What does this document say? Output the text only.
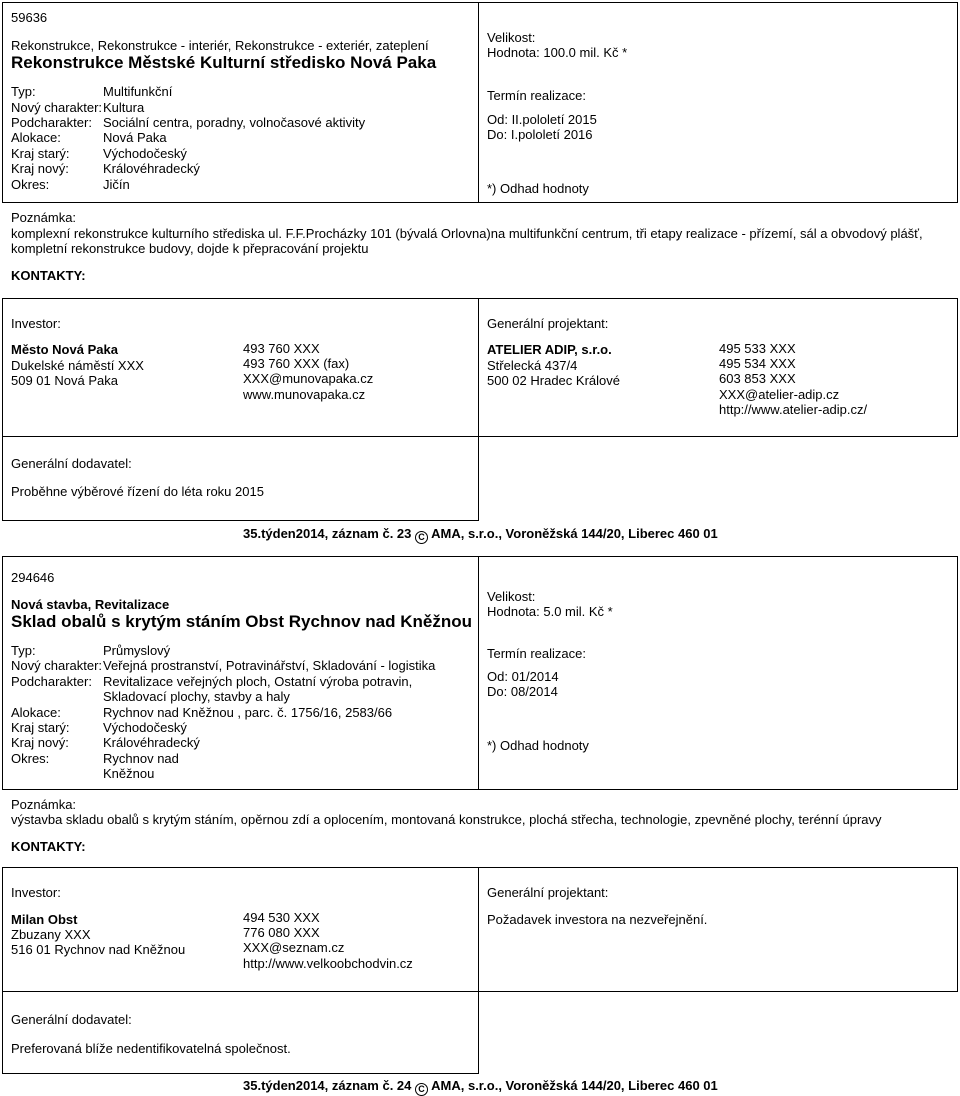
59636
Rekonstrukce, Rekonstrukce - interiér, Rekonstrukce - exteriér, zateplení
Rekonstrukce Městské Kulturní středisko Nová Paka
Typ:	Multifunkční
Nový charakter: Kultura
Podcharakter: Sociální centra, poradny, volnočasové aktivity
Alokace:	Nová Paka
Kraj starý:	Východočeský
Kraj nový:	Královéhradecký
Okres:	Jičín
Velikost:
Hodnota: 100.0 mil. Kč *
Termín realizace:
Od: II.pololetí 2015
Do: I.pololetí 2016
*) Odhad hodnoty
Poznámka:
komplexní rekonstrukce kulturního střediska ul. F.F.Procházky 101 (bývalá Orlovna)na multifunkční centrum, tři etapy realizace - přízemí, sál a obvodový plášť,
kompletní rekonstrukce budovy, dojde k přepracování projektu
KONTAKTY:
Investor:
Město Nová Paka
Dukelské náměstí XXX
509 01 Nová Paka
493 760 XXX
493 760 XXX (fax)
XXX@munovapaka.cz
www.munovapaka.cz
Generální projektant:
ATELIER ADIP, s.r.o.
Střelecká 437/4
500 02 Hradec Králové
495 533 XXX
495 534 XXX
603 853 XXX
XXX@atelier-adip.cz
http://www.atelier-adip.cz/
Generální dodavatel:
Proběhne výběrové řízení do léta roku 2015
35.týden2014, záznam č. 23 C AMA, s.r.o., Voroněžská 144/20, Liberec 460 01
294646
Nová stavba, Revitalizace
Sklad obalů s krytým stáním Obst Rychnov nad Kněžnou
Typ:	Průmyslový
Nový charakter: Veřejná prostranství, Potravinářství, Skladování - logistika
Podcharakter: Revitalizace veřejných ploch, Ostatní výroba potravin,
Skladovací plochy, stavby a haly
Alokace:	Rychnov nad Kněžnou , parc. č. 1756/16, 2583/66
Kraj starý:	Východočeský
Kraj nový:	Královéhradecký
Okres:	Rychnov nad
Kněžnou
Velikost:
Hodnota: 5.0 mil. Kč *
Termín realizace:
Od: 01/2014
Do: 08/2014
*) Odhad hodnoty
Poznámka:
výstavba skladu obalů s krytým stáním, opěrnou zdí a oplocením, montovaná konstrukce, plochá střecha, technologie, zpevněné plochy, terénní úpravy
KONTAKTY:
Investor:
Milan Obst
Zbuzany XXX
516 01 Rychnov nad Kněžnou
494 530 XXX
776 080 XXX
XXX@seznam.cz
http://www.velkoobchodvin.cz
Generální projektant:
Požadavek investora na nezveřejnění.
Generální dodavatel:
Preferovaná blíže nedentifikovatelná společnost.
35.týden2014, záznam č. 24 C AMA, s.r.o., Voroněžská 144/20, Liberec 460 01
